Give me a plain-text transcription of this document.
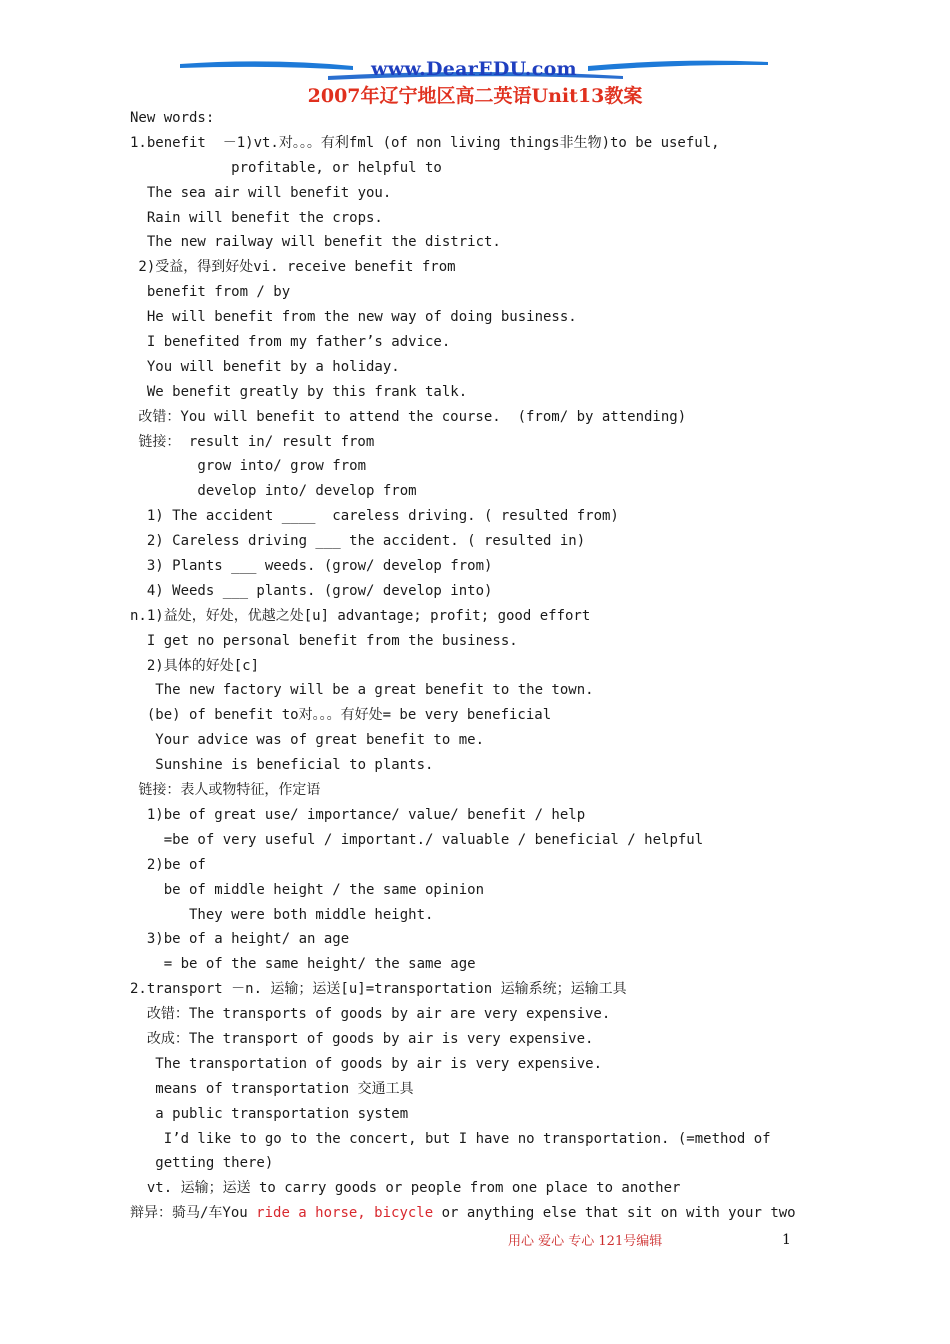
www.DearEDU.com
2007年辽宁地区高二英语Unit13教案
New words:
1.benefit  －1)vt.对。。。有利fml (of non living things非生物)to be useful,
profitable, or helpful to
The sea air will benefit you.
Rain will benefit the crops.
The new railway will benefit the district.
2)受益，得到好处vi. receive benefit from
benefit from / by
He will benefit from the new way of doing business.
I benefited from my father’s advice.
You will benefit by a holiday.
We benefit greatly by this frank talk.
改错：You will benefit to attend the course.  (from/ by attending)
链接： result in/ result from
grow into/ grow from
develop into/ develop from
1) The accident ____  careless driving. ( resulted from)
2) Careless driving ___ the accident. ( resulted in)
3) Plants ___ weeds. (grow/ develop from)
4) Weeds ___ plants. (grow/ develop into)
n.1)益处，好处，优越之处[u] advantage; profit; good effort
I get no personal benefit from the business.
2)具体的好处[c]
The new factory will be a great benefit to the town.
(be) of benefit to对。。。有好处= be very beneficial
Your advice was of great benefit to me.
Sunshine is beneficial to plants.
链接：表人或物特征，作定语
1)be of great use/ importance/ value/ benefit / help
=be of very useful / important./ valuable / beneficial / helpful
2)be of
be of middle height / the same opinion
They were both middle height.
3)be of a height/ an age
= be of the same height/ the same age
2.transport －n. 运输；运送[u]=transportation 运输系统；运输工具
改错：The transports of goods by air are very expensive.
改成：The transport of goods by air is very expensive.
The transportation of goods by air is very expensive.
means of transportation 交通工具
a public transportation system
I’d like to go to the concert, but I have no transportation. (=method of
getting there)
vt. 运输；运送 to carry goods or people from one place to another
辩异：骑马/车You ride a horse, bicycle or anything else that sit on with your two
用心 爱心 专心 121号编辑	1
